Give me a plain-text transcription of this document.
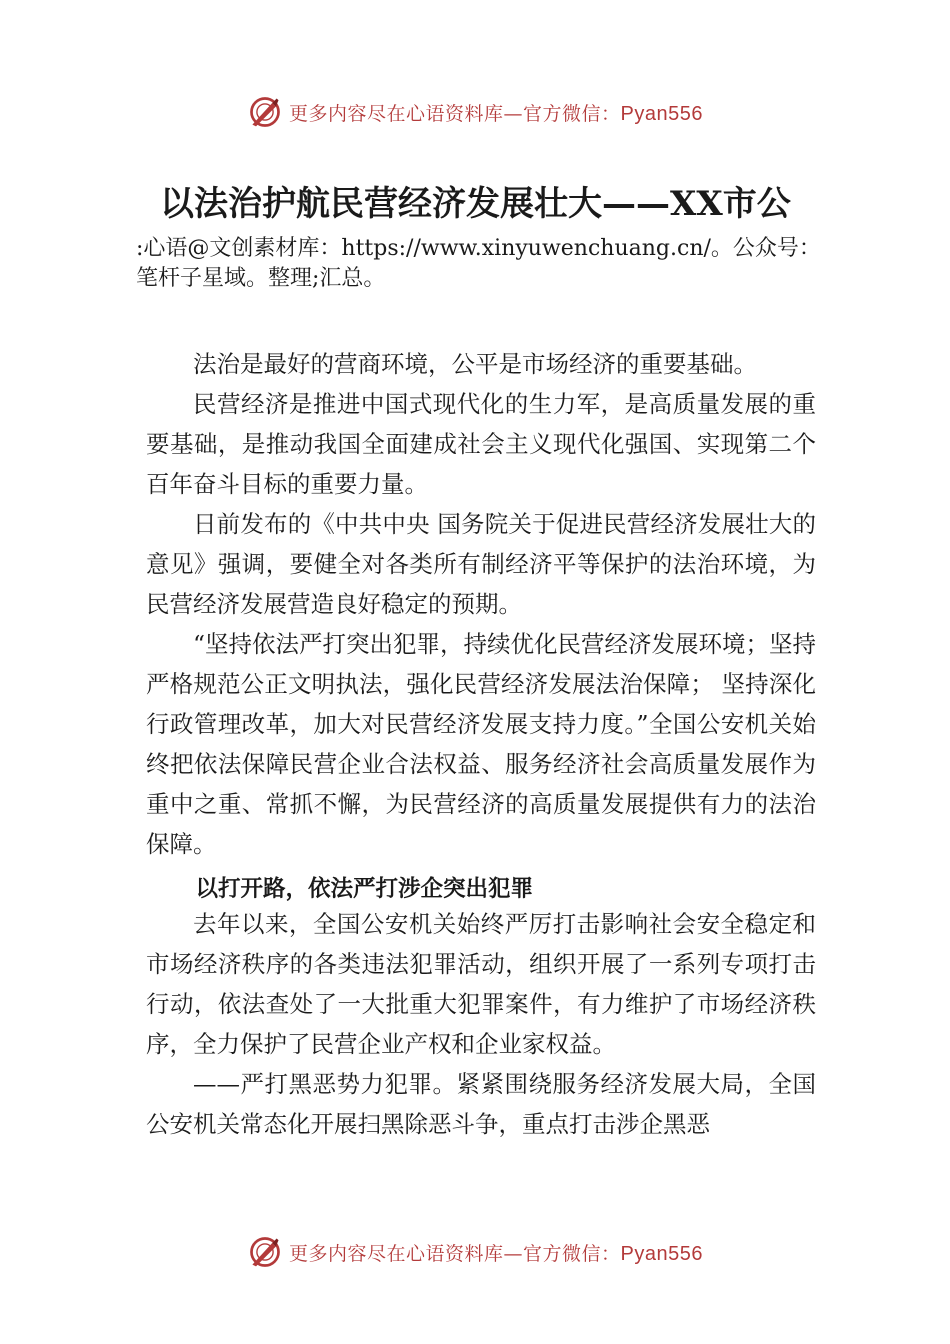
更多内容尽在心语资料库—官方微信：Pyan556
以法治护航民营经济发展壮大——XX市公

:心语@文创素材库：https://www.xinyuwenchuang.cn/。公众号：笔杆子星域。整理;汇总。

法治是最好的营商环境，公平是市场经济的重要基础。

民营经济是推进中国式现代化的生力军，是高质量发展的重要基础，是推动我国全面建成社会主义现代化强国、实现第二个百年奋斗目标的重要力量。

日前发布的《中共中央 国务院关于促进民营经济发展壮大的意见》强调，要健全对各类所有制经济平等保护的法治环境，为民营经济发展营造良好稳定的预期。

“坚持依法严打突出犯罪，持续优化民营经济发展环境；坚持严格规范公正文明执法，强化民营经济发展法治保障； 坚持深化行政管理改革，加大对民营经济发展支持力度。”全国公安机关始终把依法保障民营企业合法权益、服务经济社会高质量发展作为重中之重、常抓不懈，为民营经济的高质量发展提供有力的法治保障。

以打开路，依法严打涉企突出犯罪

去年以来，全国公安机关始终严厉打击影响社会安全稳定和市场经济秩序的各类违法犯罪活动，组织开展了一系列专项打击行动，依法查处了一大批重大犯罪案件，有力维护了市场经济秩序，全力保护了民营企业产权和企业家权益。

——严打黑恶势力犯罪。紧紧围绕服务经济发展大局，全国公安机关常态化开展扫黑除恶斗争，重点打击涉企黑恶

更多内容尽在心语资料库—官方微信：Pyan556
